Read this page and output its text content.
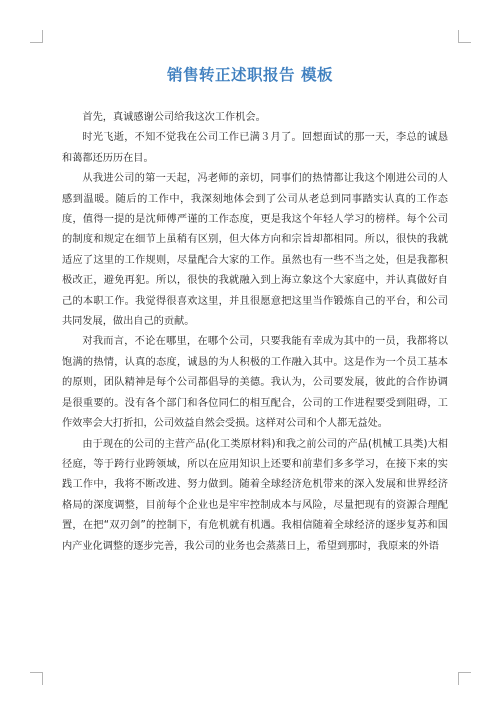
销售转正述职报告 模板

首先，真诚感谢公司给我这次工作机会。

时光飞逝，不知不觉我在公司工作已满３月了。回想面试的那一天，李总的诚恳和蔼都还历历在目。

从我进公司的第一天起，冯老师的亲切，同事们的热情都让我这个刚进公司的人感到温暖。随后的工作中，我深刻地体会到了公司从老总到同事踏实认真的工作态度，值得一提的是沈师傅严谨的工作态度，更是我这个年轻人学习的榜样。每个公司的制度和规定在细节上虽稍有区别，但大体方向和宗旨却都相同。所以，很快的我就适应了这里的工作规则，尽量配合大家的工作。虽然也有一些不当之处，但是我都积极改正，避免再犯。所以，很快的我就融入到上海立象这个大家庭中，并认真做好自己的本职工作。我觉得很喜欢这里，并且很愿意把这里当作锻炼自己的平台，和公司共同发展，做出自己的贡献。

对我而言，不论在哪里，在哪个公司，只要我能有幸成为其中的一员，我都将以饱满的热情，认真的态度，诚恳的为人积极的工作融入其中。这是作为一个员工基本的原则，团队精神是每个公司都倡导的美德。我认为，公司要发展，彼此的合作协调是很重要的。没有各个部门和各位同仁的相互配合，公司的工作进程要受到阻碍，工作效率会大打折扣，公司效益自然会受损。这样对公司和个人都无益处。

由于现在的公司的主营产品(化工类原材料)和我之前公司的产品(机械工具类)大相径庭，等于跨行业跨领域，所以在应用知识上还要和前辈们多多学习，在接下来的实践工作中，我将不断改进、努力做到。随着全球经济危机带来的深入发展和世界经济格局的深度调整，目前每个企业也是牢牢控制成本与风险，尽量把现有的资源合理配置，在把“双刃剑”的控制下，有危机就有机遇。我相信随着全球经济的逐步复苏和国内产业化调整的逐步完善，我公司的业务也会蒸蒸日上，希望到那时，我原来的外语
